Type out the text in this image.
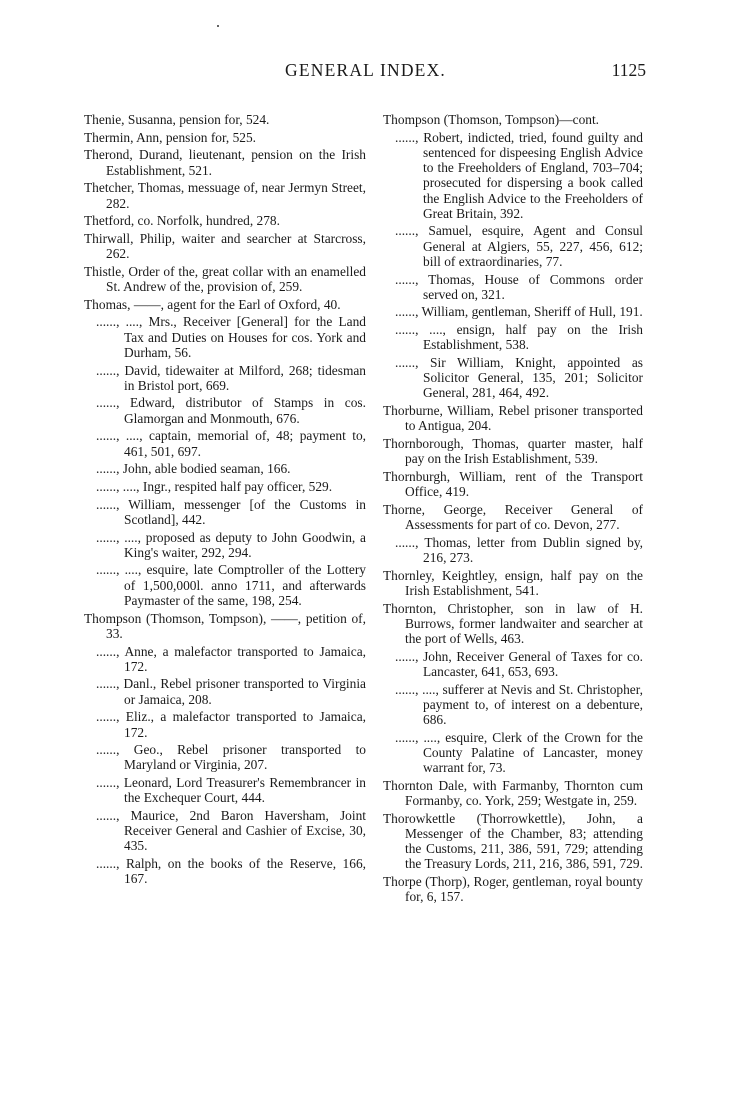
GENERAL INDEX.	1125

Thenie, Susanna, pension for, 524.

Thermin, Ann, pension for, 525.

Therond, Durand, lieutenant, pension on the Irish Establishment, 521.

Thetcher, Thomas, messuage of, near Jermyn Street, 282.

Thetford, co. Norfolk, hundred, 278.

Thirwall, Philip, waiter and searcher at Starcross, 262.

Thistle, Order of the, great collar with an enamelled St. Andrew of the, provision of, 259.

Thomas, ——, agent for the Earl of Oxford, 40.

......, ...., Mrs., Receiver [General] for the Land Tax and Duties on Houses for cos. York and Durham, 56.

......, David, tidewaiter at Milford, 268; tidesman in Bristol port, 669.

......, Edward, distributor of Stamps in cos. Glamorgan and Monmouth, 676.

......, ...., captain, memorial of, 48; payment to, 461, 501, 697.

......, John, able bodied seaman, 166.

......, ...., Ingr., respited half pay officer, 529.

......, William, messenger [of the Customs in Scotland], 442.

......, ...., proposed as deputy to John Goodwin, a King's waiter, 292, 294.

......, ...., esquire, late Comptroller of the Lottery of 1,500,000l. anno 1711, and afterwards Paymaster of the same, 198, 254.

Thompson (Thomson, Tompson), ——, petition of, 33.

......, Anne, a malefactor transported to Jamaica, 172.

......, Danl., Rebel prisoner transported to Virginia or Jamaica, 208.

......, Eliz., a malefactor transported to Jamaica, 172.

......, Geo., Rebel prisoner transported to Maryland or Virginia, 207.

......, Leonard, Lord Treasurer's Remembrancer in the Exchequer Court, 444.

......, Maurice, 2nd Baron Haversham, Joint Receiver General and Cashier of Excise, 30, 435.

......, Ralph, on the books of the Reserve, 166, 167.

Thompson (Thomson, Tompson)—cont.

......, Robert, indicted, tried, found guilty and sentenced for dispeesing English Advice to the Freeholders of England, 703–704; prosecuted for dispersing a book called the English Advice to the Freeholders of Great Britain, 392.

......, Samuel, esquire, Agent and Consul General at Algiers, 55, 227, 456, 612; bill of extraordinaries, 77.

......, Thomas, House of Commons order served on, 321.

......, William, gentleman, Sheriff of Hull, 191.

......, ...., ensign, half pay on the Irish Establishment, 538.

......, Sir William, Knight, appointed as Solicitor General, 135, 201; Solicitor General, 281, 464, 492.

Thorburne, William, Rebel prisoner transported to Antigua, 204.

Thornborough, Thomas, quarter master, half pay on the Irish Establishment, 539.

Thornburgh, William, rent of the Transport Office, 419.

Thorne, George, Receiver General of Assessments for part of co. Devon, 277.

......, Thomas, letter from Dublin signed by, 216, 273.

Thornley, Keightley, ensign, half pay on the Irish Establishment, 541.

Thornton, Christopher, son in law of H. Burrows, former landwaiter and searcher at the port of Wells, 463.

......, John, Receiver General of Taxes for co. Lancaster, 641, 653, 693.

......, ...., sufferer at Nevis and St. Christopher, payment to, of interest on a debenture, 686.

......, ...., esquire, Clerk of the Crown for the County Palatine of Lancaster, money warrant for, 73.

Thornton Dale, with Farmanby, Thornton cum Formanby, co. York, 259; Westgate in, 259.

Thorowkettle (Thorrowkettle), John, a Messenger of the Chamber, 83; attending the Customs, 211, 386, 591, 729; attending the Treasury Lords, 211, 216, 386, 591, 729.

Thorpe (Thorp), Roger, gentleman, royal bounty for, 6, 157.
